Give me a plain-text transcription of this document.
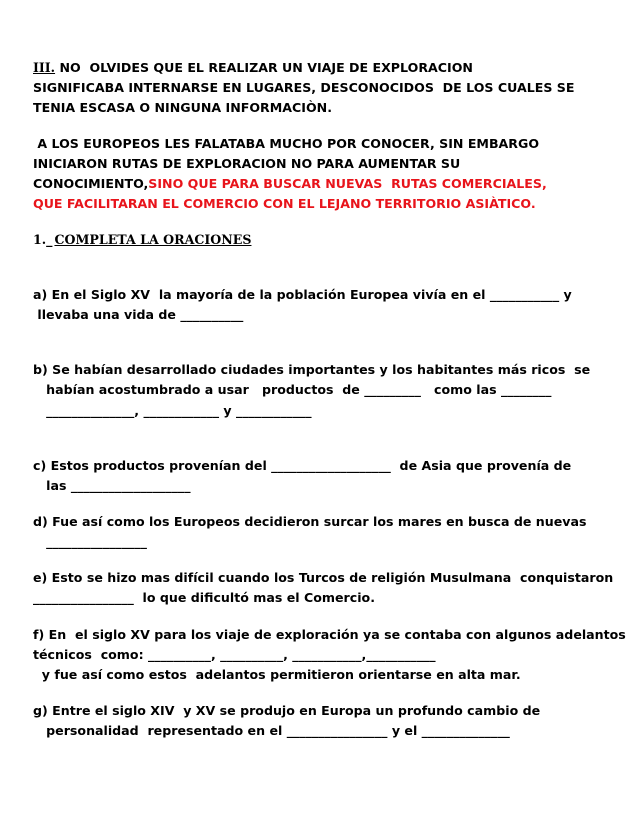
III. NO  OLVIDES QUE EL REALIZAR UN VIAJE DE EXPLORACION
SIGNIFICABA INTERNARSE EN LUGARES, DESCONOCIDOS  DE LOS CUALES SE
TENIA ESCASA O NINGUNA INFORMACIÒN.
A LOS EUROPEOS LES FALATABA MUCHO POR CONOCER, SIN EMBARGO
INICIARON RUTAS DE EXPLORACION NO PARA AUMENTAR SU
CONOCIMIENTO,SINO QUE PARA BUSCAR NUEVAS  RUTAS COMERCIALES,
QUE FACILITARAN EL COMERCIO CON EL LEJANO TERRITORIO ASIÀTICO.
1._ COMPLETA LA ORACIONES
a) En el Siglo XV  la mayoría de la población Europea vivía en el ___________ y
llevaba una vida de __________
b) Se habían desarrollado ciudades importantes y los habitantes más ricos  se
habían acostumbrado a usar   productos  de _________   como las ________
______________, ____________ y ____________
c) Estos productos provenían del ___________________  de Asia que provenía de
las ___________________
d) Fue así como los Europeos decidieron surcar los mares en busca de nuevas
________________
e) Esto se hizo mas difícil cuando los Turcos de religión Musulmana  conquistaron
________________  lo que dificultó mas el Comercio.
f) En  el siglo XV para los viaje de exploración ya se contaba con algunos adelantos
técnicos  como: __________, __________, ___________,___________
y fue así como estos  adelantos permitieron orientarse en alta mar.
g) Entre el siglo XIV  y XV se produjo en Europa un profundo cambio de
personalidad  representado en el ________________ y el ______________
